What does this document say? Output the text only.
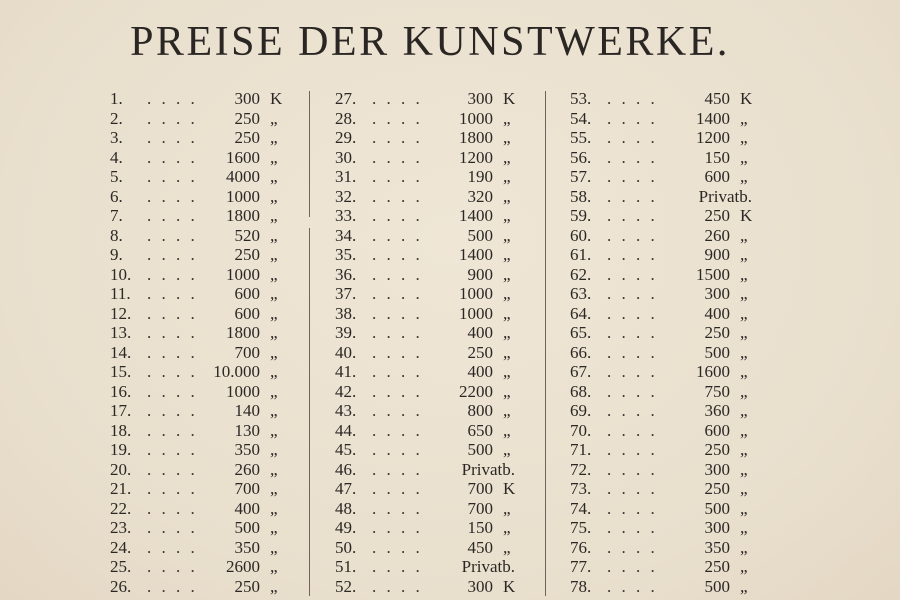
PREISE DER KUNSTWERKE.
1. . . . . 300 K
2. . . . . 250 „
3. . . . . 250 „
4. . . . . 1600 „
5. . . . . 4000 „
6. . . . . 1000 „
7. . . . . 1800 „
8. . . . . 520 „
9. . . . . 250 „
10. . . . . 1000 „
11. . . . . 600 „
12. . . . . 600 „
13. . . . . 1800 „
14. . . . . 700 „
15. . . . . 10.000 „
16. . . . . 1000 „
17. . . . . 140 „
18. . . . . 130 „
19. . . . . 350 „
20. . . . . 260 „
21. . . . . 700 „
22. . . . . 400 „
23. . . . . 500 „
24. . . . . 350 „
25. . . . . 2600 „
26. . . . . 250 „
27. . . . .	300 K
28. . . . . 1000 „
29. . . . . 1800 „
30. . . . . 1200 „
31. . . . .	190 „
32. . . . .	320 „
33. . . . . 1400 „
34. . . . .	500 „
35. . . . . 1400 „
36. . . . .	900 „
37. . . . . 1000 „
38. . . . . 1000 „
39. . . . .	400 „
40. . . . .	250 „
41. . . . .	400 „
42. . . . . 2200 „
43. . . . .	800 „
44. . . . .	650 „
45. . . . .	500 „
46. . . . . Privatb.
47. . . . .	700 K
48. . . . .	700 „
49. . . . .	150 „
50. . . . .	450 „
51. . . . . Privatb.
52. . . . .	300 K
53. . . . .	450 K
54. . . . . 1400 „
55. . . . . 1200 „
56. . . . .	150 „
57. . . . .	600 „
58. . . . . Privatb.
59. . . . .	250 K
60. . . . .	260 „
61. . . . .	900 „
62. . . . . 1500 „
63. . . . .	300 „
64. . . . .	400 „
65. . . . .	250 „
66. . . . .	500 „
67. . . . . 1600 „
68. . . . .	750 „
69. . . . .	360 „
70. . . . .	600 „
71. . . . .	250 „
72. . . . .	300 „
73. . . . .	250 „
74. . . . .	500 „
75. . . . .	300 „
76. . . . .	350 „
77. . . . .	250 „
78. . . . .	500 „
